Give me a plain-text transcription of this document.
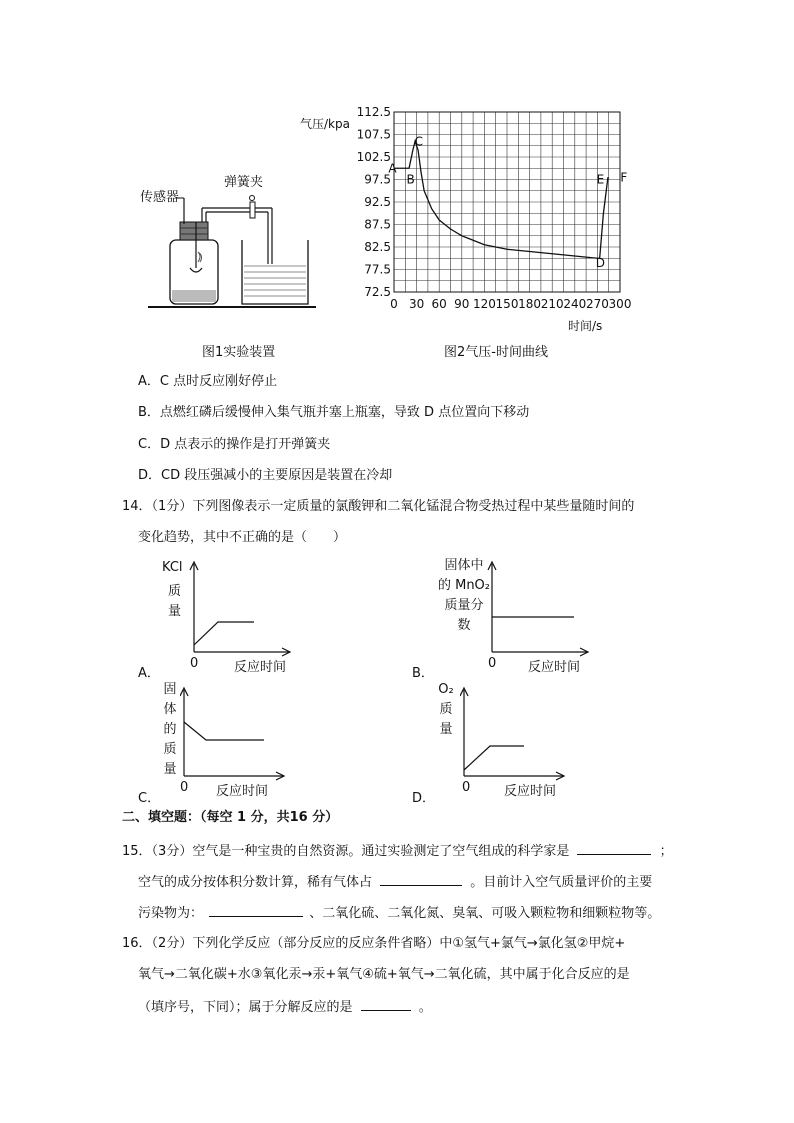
传感器
弹簧夹
图1实验装置
112.5
107.5
102.5
97.5
92.5
87.5
82.5
77.5
72.5
0 30 60 90 120 150 180 210 240 270 300
气压/kpa
时间/s
A
B
C
D
E F
图2气压-时间曲线
A．C 点时反应刚好停止
B．点燃红磷后缓慢伸入集气瓶并塞上瓶塞，导致 D 点位置向下移动
C．D 点表示的操作是打开弹簧夹
D．CD 段压强减小的主要原因是装置在冷却
14．（1分）下列图像表示一定质量的氯酸钾和二氧化锰混合物受热过程中某些量随时间的
变化趋势，其中不正确的是（　　）
KCl
质
量
0	反应时间
A．
固体中
的 MnO₂
质量分
数
0 反应时间
B．
固
体
的
质
量
0 反应时间
C．
O₂
质
量
0	反应时间
D．
二、填空题：（每空 1 分，共16 分）
15．（3分）空气是一种宝贵的自然资源。通过实验测定了空气组成的科学家是	；
空气的成分按体积分数计算，稀有气体占	。目前计入空气质量评价的主要
污染物为：	、二氧化硫、二氧化氮、臭氧、可吸入颗粒物和细颗粒物等。
16．（2分）下列化学反应（部分反应的反应条件省略）中①氢气+氯气→氯化氢②甲烷+
氧气→二氧化碳+水③氧化汞→汞+氧气④硫+氧气→二氧化硫，其中属于化合反应的是
（填序号，下同）；属于分解反应的是	。
